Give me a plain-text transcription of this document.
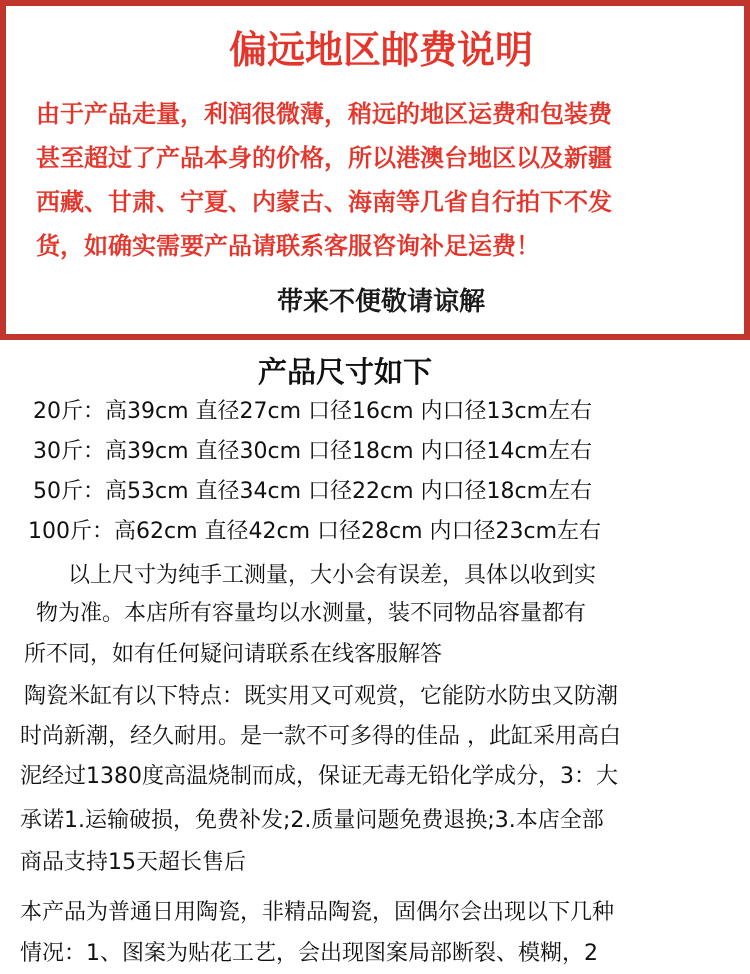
偏远地区邮费说明
由于产品走量，利润很微薄，稍远的地区运费和包装费
甚至超过了产品本身的价格，所以港澳台地区以及新疆
西藏、甘肃、宁夏、内蒙古、海南等几省自行拍下不发
货，如确实需要产品请联系客服咨询补足运费！
带来不便敬请谅解
产品尺寸如下
20斤：高39cm 直径27cm 口径16cm 内口径13cm左右
30斤：高39cm 直径30cm 口径18cm 内口径14cm左右
50斤：高53cm 直径34cm 口径22cm 内口径18cm左右
100斤：高62cm 直径42cm 口径28cm 内口径23cm左右
以上尺寸为纯手工测量，大小会有误差，具体以收到实
物为准。本店所有容量均以水测量，装不同物品容量都有
所不同，如有任何疑问请联系在线客服解答
陶瓷米缸有以下特点：既实用又可观赏，它能防水防虫又防潮
时尚新潮，经久耐用。是一款不可多得的佳品 ，此缸采用高白
泥经过1380度高温烧制而成，保证无毒无铅化学成分，3：大
承诺1.运输破损，免费补发;2.质量问题免费退换;3.本店全部
商品支持15天超长售后
本产品为普通日用陶瓷，非精品陶瓷，固偶尔会出现以下几种
情况：1、图案为贴花工艺，会出现图案局部断裂、模糊，2
